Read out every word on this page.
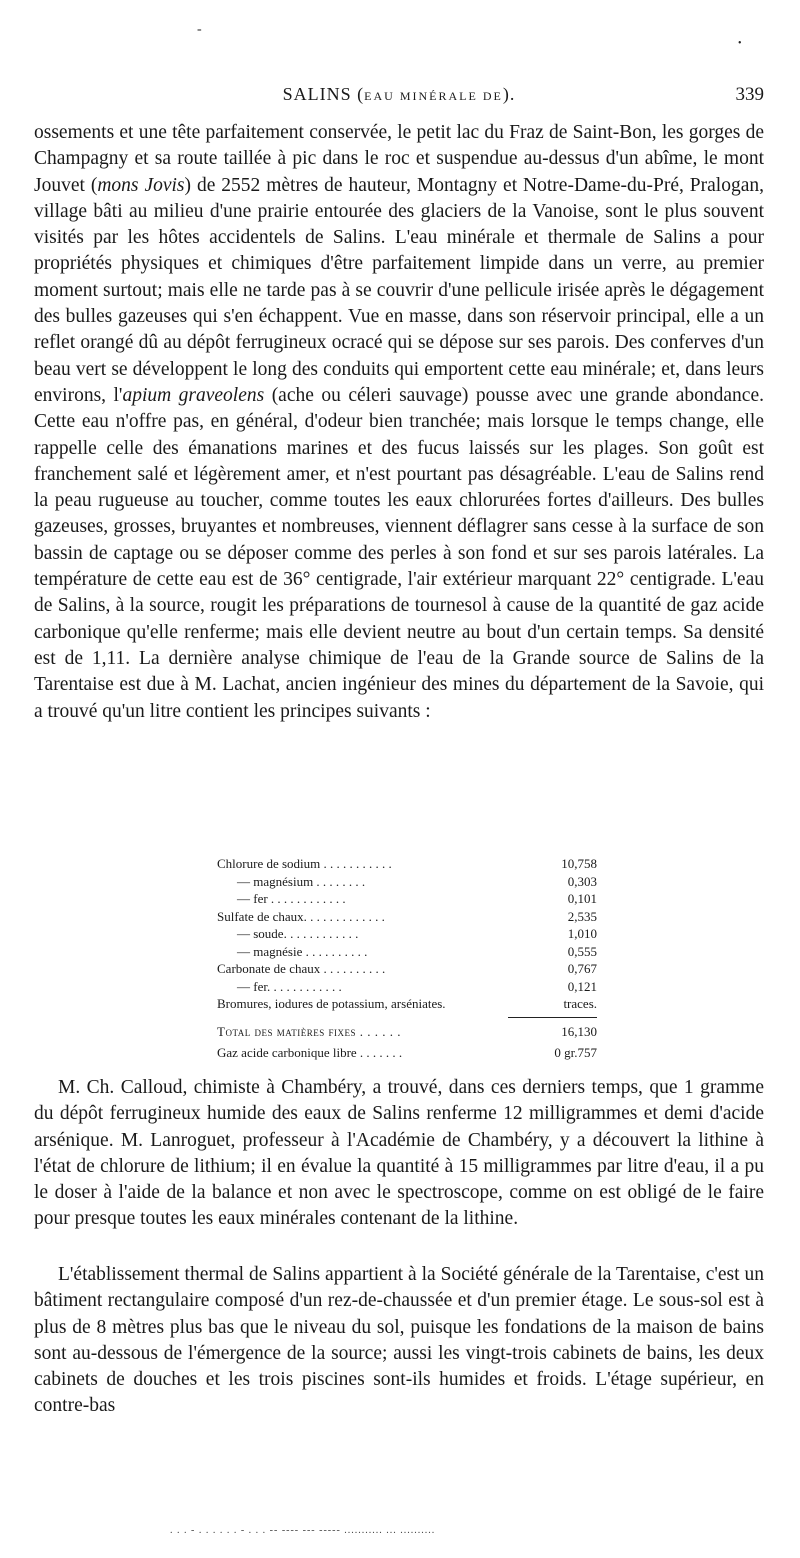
-
•
SALINS (EAU MINÉRALE DE).	339
ossements et une tête parfaitement conservée, le petit lac du Fraz de Saint-Bon, les gorges de Champagny et sa route taillée à pic dans le roc et suspendue au-dessus d'un abîme, le mont Jouvet (mons Jovis) de 2552 mètres de hauteur, Montagny et Notre-Dame-du-Pré, Pralogan, village bâti au milieu d'une prairie entourée des glaciers de la Vanoise, sont le plus souvent visités par les hôtes accidentels de Salins. L'eau minérale et thermale de Salins a pour propriétés physiques et chimiques d'être parfaitement limpide dans un verre, au premier moment surtout; mais elle ne tarde pas à se couvrir d'une pellicule irisée après le dégagement des bulles gazeuses qui s'en échappent. Vue en masse, dans son réservoir principal, elle a un reflet orangé dû au dépôt ferrugineux ocracé qui se dépose sur ses parois. Des conferves d'un beau vert se développent le long des conduits qui emportent cette eau minérale; et, dans leurs environs, l'apium graveolens (ache ou céleri sauvage) pousse avec une grande abondance. Cette eau n'offre pas, en général, d'odeur bien tranchée; mais lorsque le temps change, elle rappelle celle des émanations marines et des fucus laissés sur les plages. Son goût est franchement salé et légèrement amer, et n'est pourtant pas désagréable. L'eau de Salins rend la peau rugueuse au toucher, comme toutes les eaux chlorurées fortes d'ailleurs. Des bulles gazeuses, grosses, bruyantes et nombreuses, viennent déflagrer sans cesse à la surface de son bassin de captage ou se déposer comme des perles à son fond et sur ses parois latérales. La température de cette eau est de 36° centigrade, l'air extérieur marquant 22° centigrade. L'eau de Salins, à la source, rougit les préparations de tournesol à cause de la quantité de gaz acide carbonique qu'elle renferme; mais elle devient neutre au bout d'un certain temps. Sa densité est de 1,11. La dernière analyse chimique de l'eau de la Grande source de Salins de la Tarentaise est due à M. Lachat, ancien ingénieur des mines du département de la Savoie, qui a trouvé qu'un litre contient les principes suivants :
Chlorure de sodium . . . . . . . . . . .	10,758
— magnésium . . . . . . . .	0,303
— fer . . . . . . . . . . . .	0,101
Sulfate de chaux. . . . . . . . . . . . .	2,535
— soude. . . . . . . . . . . .	1,010
— magnésie . . . . . . . . . .	0,555
Carbonate de chaux . . . . . . . . . .	0,767
— fer. . . . . . . . . . . .	0,121
Bromures, iodures de potassium, arséniates.	traces.
Total des matières fixes . . . . . .	16,130
Gaz acide carbonique libre . . . . . . .	0 gr.757
M. Ch. Calloud, chimiste à Chambéry, a trouvé, dans ces derniers temps, que 1 gramme du dépôt ferrugineux humide des eaux de Salins renferme 12 milligrammes et demi d'acide arsénique. M. Lanroguet, professeur à l'Académie de Chambéry, y a découvert la lithine à l'état de chlorure de lithium; il en évalue la quantité à 15 milligrammes par litre d'eau, il a pu le doser à l'aide de la balance et non avec le spectroscope, comme on est obligé de le faire pour presque toutes les eaux minérales contenant de la lithine.
L'établissement thermal de Salins appartient à la Société générale de la Tarentaise, c'est un bâtiment rectangulaire composé d'un rez-de-chaussée et d'un premier étage. Le sous-sol est à plus de 8 mètres plus bas que le niveau du sol, puisque les fondations de la maison de bains sont au-dessous de l'émergence de la source; aussi les vingt-trois cabinets de bains, les deux cabinets de douches et les trois piscines sont-ils humides et froids. L'étage supérieur, en contre-bas
. . . - . . . . . . - . . . -- ---- --- ----- ........... ... ..........
